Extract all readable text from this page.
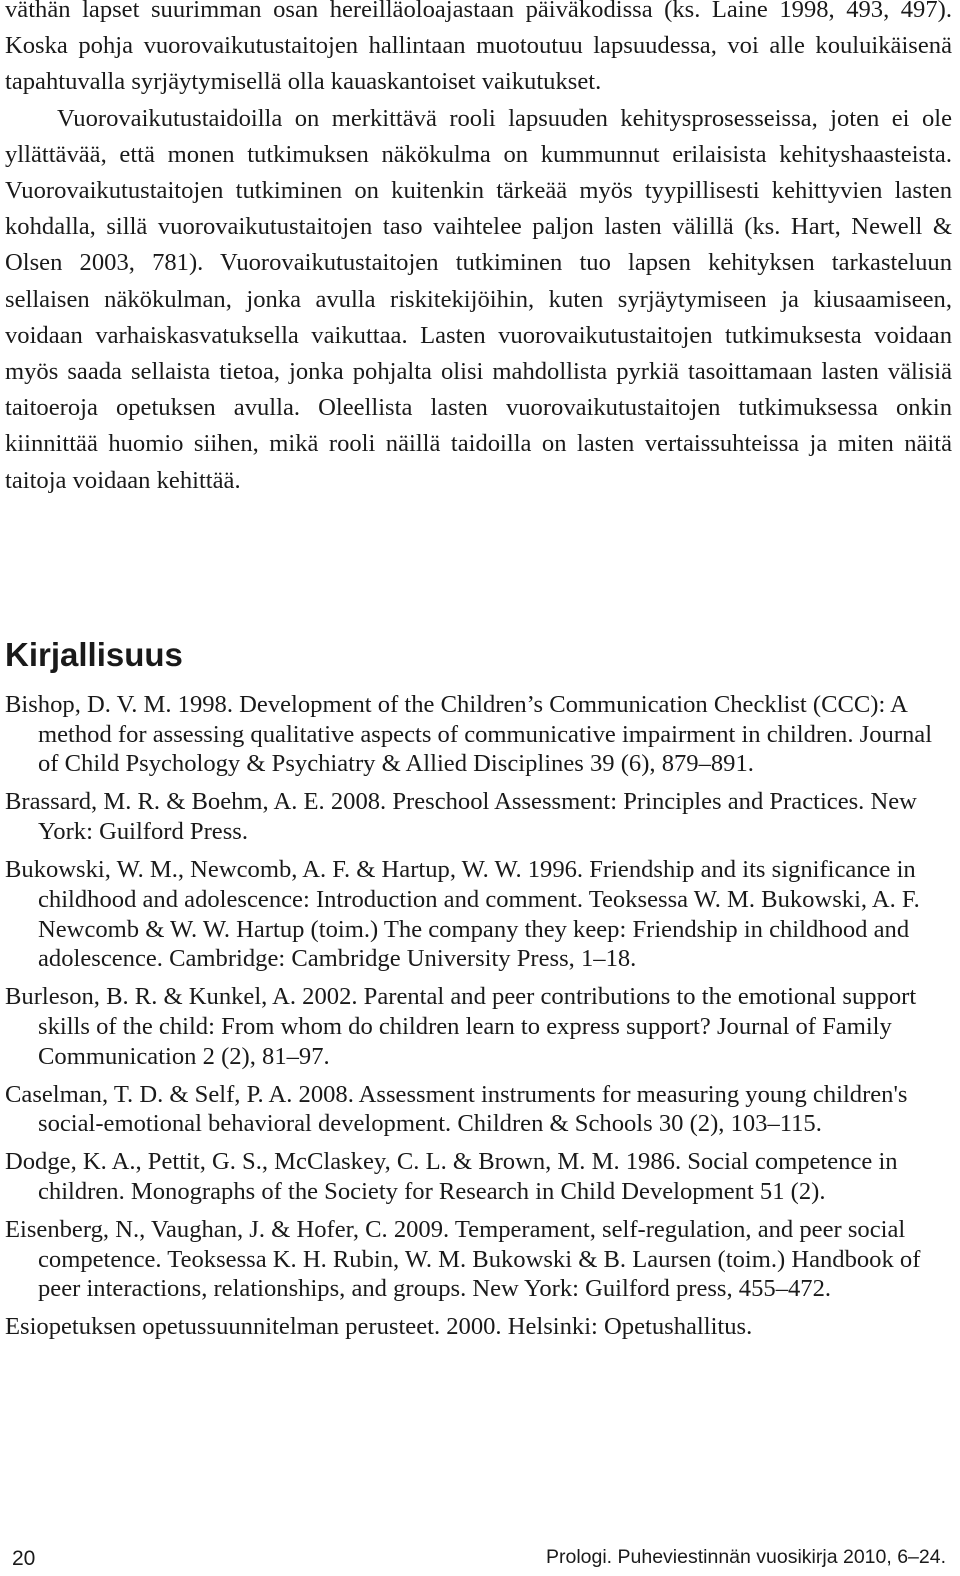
väthän lapset suurimman osan hereilläoloajastaan päiväkodissa (ks. Laine 1998, 493, 497). Koska pohja vuorovaikutustaitojen hallintaan muotoutuu lapsuudessa, voi alle kouluikäisenä tapahtuvalla syrjäytymisellä olla kauaskantoiset vaikutukset.

Vuorovaikutustaidoilla on merkittävä rooli lapsuuden kehitysprosesseissa, joten ei ole yllättävää, että monen tutkimuksen näkökulma on kummunnut erilaisista kehityshaasteista. Vuorovaikutustaitojen tutkiminen on kuitenkin tärkeää myös tyypillisesti kehittyvien lasten kohdalla, sillä vuorovaikutustaitojen taso vaihtelee paljon lasten välillä (ks. Hart, Newell & Olsen 2003, 781). Vuorovaikutustaitojen tutkiminen tuo lapsen kehityksen tarkasteluun sellaisen näkökulman, jonka avulla riskitekijöihin, kuten syrjäytymiseen ja kiusaamiseen, voidaan varhaiskasvatuksella vaikuttaa. Lasten vuorovaikutustaitojen tutkimuksesta voidaan myös saada sellaista tietoa, jonka pohjalta olisi mahdollista pyrkiä tasoittamaan lasten välisiä taitoeroja opetuksen avulla. Oleellista lasten vuorovaikutustaitojen tutkimuksessa onkin kiinnittää huomio siihen, mikä rooli näillä taidoilla on lasten vertaissuhteissa ja miten näitä taitoja voidaan kehittää.

Kirjallisuus

Bishop, D. V. M. 1998. Development of the Children’s Communication Checklist (CCC): A method for assessing qualitative aspects of communicative impairment in children. Journal of Child Psychology & Psychiatry & Allied Disciplines 39 (6), 879–891.

Brassard, M. R. & Boehm, A. E. 2008. Preschool Assessment: Principles and Practices. New York: Guilford Press.

Bukowski, W. M., Newcomb, A. F. & Hartup, W. W. 1996. Friendship and its significance in childhood and adolescence: Introduction and comment. Teoksessa W. M. Bukowski, A. F. Newcomb & W. W. Hartup (toim.) The company they keep: Friendship in childhood and adolescence. Cambridge: Cambridge University Press, 1–18.

Burleson, B. R. & Kunkel, A. 2002. Parental and peer contributions to the emotional support skills of the child: From whom do children learn to express support? Journal of Family Communication 2 (2), 81–97.

Caselman, T. D. & Self, P. A. 2008. Assessment instruments for measuring young children's social-emotional behavioral development. Children & Schools 30 (2), 103–115.

Dodge, K. A., Pettit, G. S., McClaskey, C. L. & Brown, M. M. 1986. Social competence in children. Monographs of the Society for Research in Child Development 51 (2).

Eisenberg, N., Vaughan, J. & Hofer, C. 2009. Temperament, self-regulation, and peer social competence. Teoksessa K. H. Rubin, W. M. Bukowski & B. Laursen (toim.) Handbook of peer interactions, relationships, and groups. New York: Guilford press, 455–472.

Esiopetuksen opetussuunnitelman perusteet. 2000. Helsinki: Opetushallitus.

20	Prologi. Puheviestinnän vuosikirja 2010, 6–24.
